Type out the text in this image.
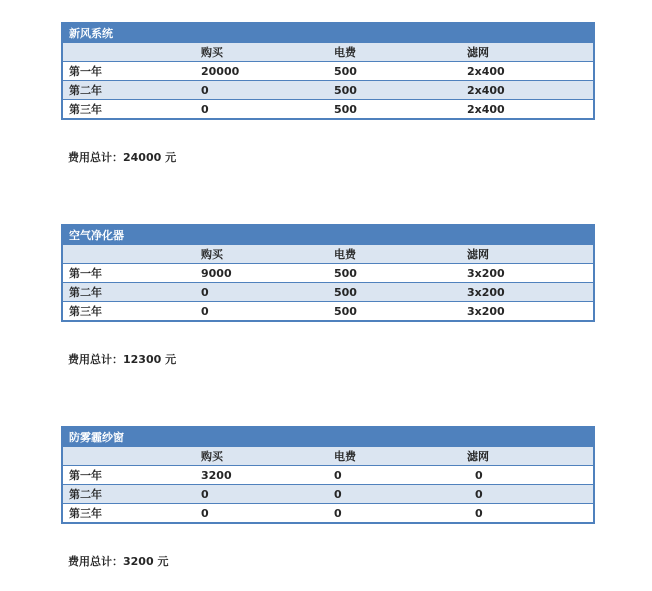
新风系统			
	购买	电费	滤网
第一年	20000	500	2x400
第二年	0	500	2x400
第三年	0	500	2x400
费用总计：24000 元
空气净化器			
	购买	电费	滤网
第一年	9000	500	3x200
第二年	0	500	3x200
第三年	0	500	3x200
费用总计：12300 元
防雾霾纱窗			
	购买	电费	滤网
第一年	3200	0	0
第二年	0	0	0
第三年	0	0	0
费用总计：3200 元
